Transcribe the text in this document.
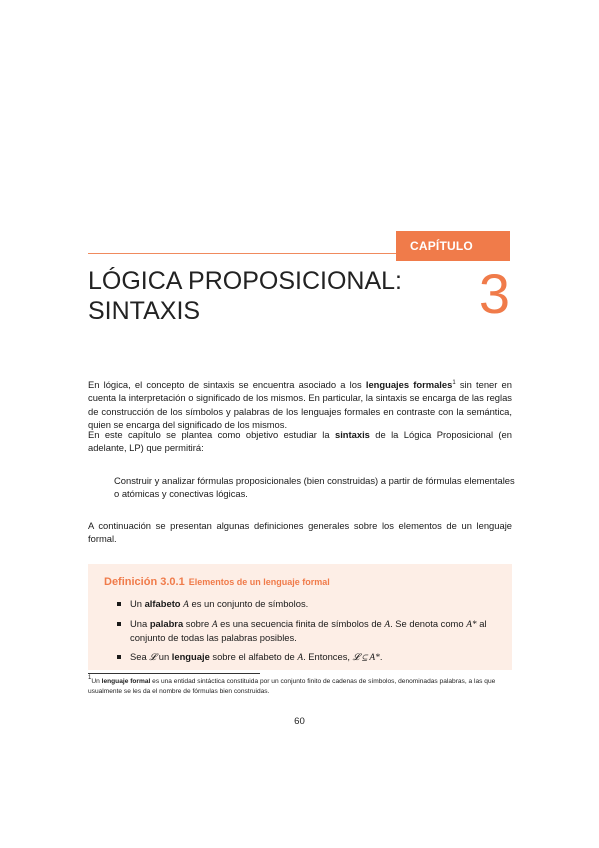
CAPÍTULO
3
LÓGICA PROPOSICIONAL:
SINTAXIS
En lógica, el concepto de sintaxis se encuentra asociado a los lenguajes formales$^1$ sin tener en cuenta la interpretación o significado de los mismos. En particular, la sintaxis se encarga de las reglas de construcción de los símbolos y palabras de los lenguajes formales en contraste con la semántica, quien se encarga del significado de los mismos.
En este capítulo se plantea como objetivo estudiar la sintaxis de la Lógica Proposicional (en adelante, LP) que permitirá:
Construir y analizar fórmulas proposicionales (bien construidas) a partir de fórmulas elementales o atómicas y conectivas lógicas.
A continuación se presentan algunas definiciones generales sobre los elementos de un lenguaje formal.
Definición 3.0.1 Elementos de un lenguaje formal
Un alfabeto A es un conjunto de símbolos.
Una palabra sobre A es una secuencia finita de símbolos de A. Se denota como A* al conjunto de todas las palabras posibles.
Sea 𝓛 un lenguaje sobre el alfabeto de A. Entonces, 𝓛 ⊆ A*.
$^1$Un lenguaje formal es una entidad sintáctica constituida por un conjunto finito de cadenas de símbolos, denominadas palabras, a las que usualmente se les da el nombre de fórmulas bien construidas.
60
